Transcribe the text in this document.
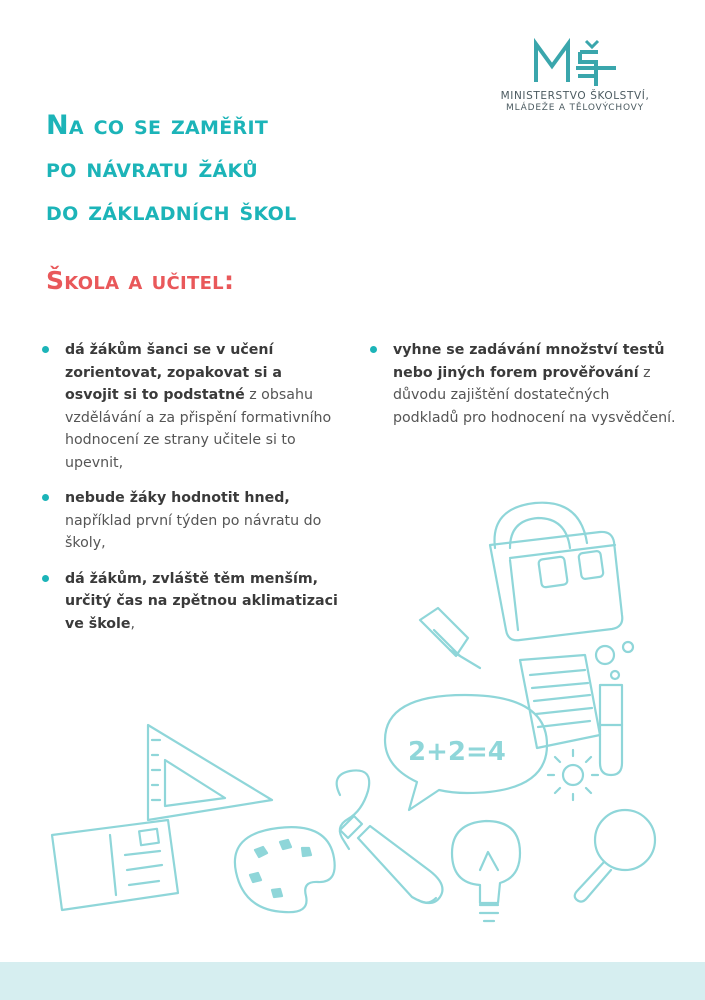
MINISTERSTVO ŠKOLSTVÍ,
MLÁDEŽE A TĚLOVÝCHOVY
Na co se zaměřit
po návratu žáků
do základních škol
Škola a učitel:
dá žákům šanci se v učení zorientovat, zopakovat si a osvojit si to podstatné z obsahu vzdělávání a za přispění formativního hodnocení ze strany učitele si to upevnit,
nebude žáky hodnotit hned, například první týden po návratu do školy,
dá žákům, zvláště těm menším, určitý čas na zpětnou aklimatizaci ve škole,
vyhne se zadávání množství testů nebo jiných forem prověřování z důvodu zajištění dostatečných podkladů pro hodnocení na vysvědčení.
2+2=4
